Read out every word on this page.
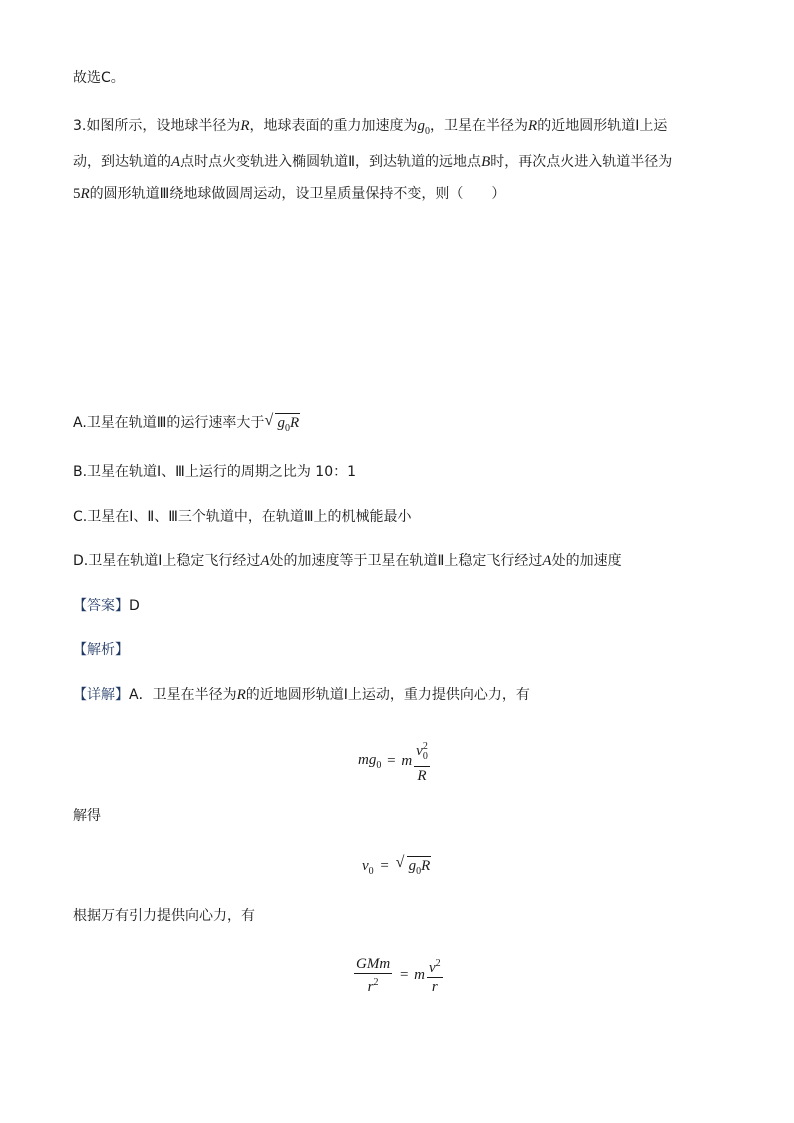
故选C。
3.如图所示，设地球半径为R，地球表面的重力加速度为$g_0$，卫星在半径为R的近地圆形轨道I上运
动，到达轨道的A点时点火变轨进入椭圆轨道Ⅱ，到达轨道的远地点B时，再次点火进入轨道半径为
5R的圆形轨道Ⅲ绕地球做圆周运动，设卫星质量保持不变，则（　　）
A.卫星在轨道Ⅲ的运行速率大于 √ $g_0R$
B.卫星在轨道Ⅰ、Ⅲ上运行的周期之比为 10：1
C.卫星在Ⅰ、Ⅱ、Ⅲ三个轨道中，在轨道Ⅲ上的机械能最小
D.卫星在轨道Ⅰ上稳定飞行经过A处的加速度等于卫星在轨道Ⅱ上稳定飞行经过A处的加速度
【答案】D
【解析】
【详解】A．卫星在半径为R的近地圆形轨道Ⅰ上运动，重力提供向心力，有
$mg_0 = m \frac{v^2_0}{R}$
解得
$v_0$ = √ $g_0R$
根据万有引力提供向心力，有
$\frac{\text{GMm}}{r^2} = m \frac{v^2}{r}$
